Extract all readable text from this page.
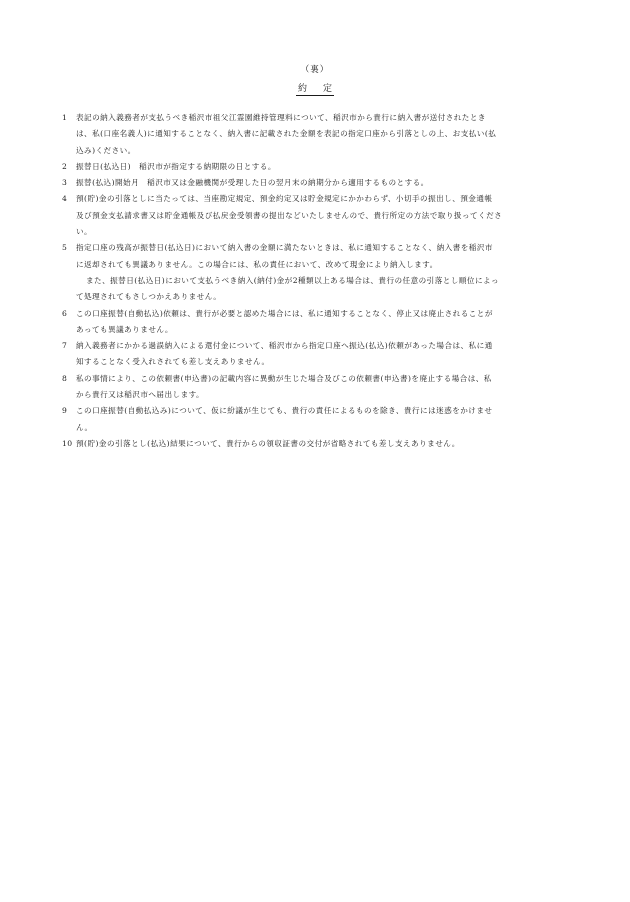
（裏）
約 定
1 表記の納入義務者が支払うべき稲沢市祖父江霊園維持管理料について、稲沢市から貴行に納入書が送付されたとき
は、私(口座名義人)に通知することなく、納入書に記載された金額を表記の指定口座から引落としの上、お支払い(払
込み)ください。
2 振替日(払込日)　稲沢市が指定する納期限の日とする。
3 振替(払込)開始月　稲沢市又は金融機関が受理した日の翌月末の納期分から適用するものとする。
4 預(貯)金の引落としに当たっては、当座勘定規定、預金約定又は貯金規定にかかわらず、小切手の振出し、預金通帳
及び預金支払請求書又は貯金通帳及び払戻金受領書の提出などいたしませんので、貴行所定の方法で取り扱ってくださ
い。
5 指定口座の残高が振替日(払込日)において納入書の金額に満たないときは、私に通知することなく、納入書を稲沢市
に返却されても異議ありません。この場合には、私の責任において、改めて現金により納入します。
また、振替日(払込日)において支払うべき納入(納付)金が2種類以上ある場合は、貴行の任意の引落とし順位によっ
て処理されてもさしつかえありません。
6 この口座振替(自動払込)依頼は、貴行が必要と認めた場合には、私に通知することなく、停止又は廃止されることが
あっても異議ありません。
7 納入義務者にかかる過誤納入による還付金について、稲沢市から指定口座へ振込(払込)依頼があった場合は、私に通
知することなく受入れされても差し支えありません。
8 私の事情により、この依頼書(申込書)の記載内容に異動が生じた場合及びこの依頼書(申込書)を廃止する場合は、私
から貴行又は稲沢市へ届出します。
9 この口座振替(自動払込み)について、仮に紛議が生じても、貴行の責任によるものを除き、貴行には迷惑をかけませ
ん。
10 預(貯)金の引落とし(払込)結果について、貴行からの領収証書の交付が省略されても差し支えありません。
